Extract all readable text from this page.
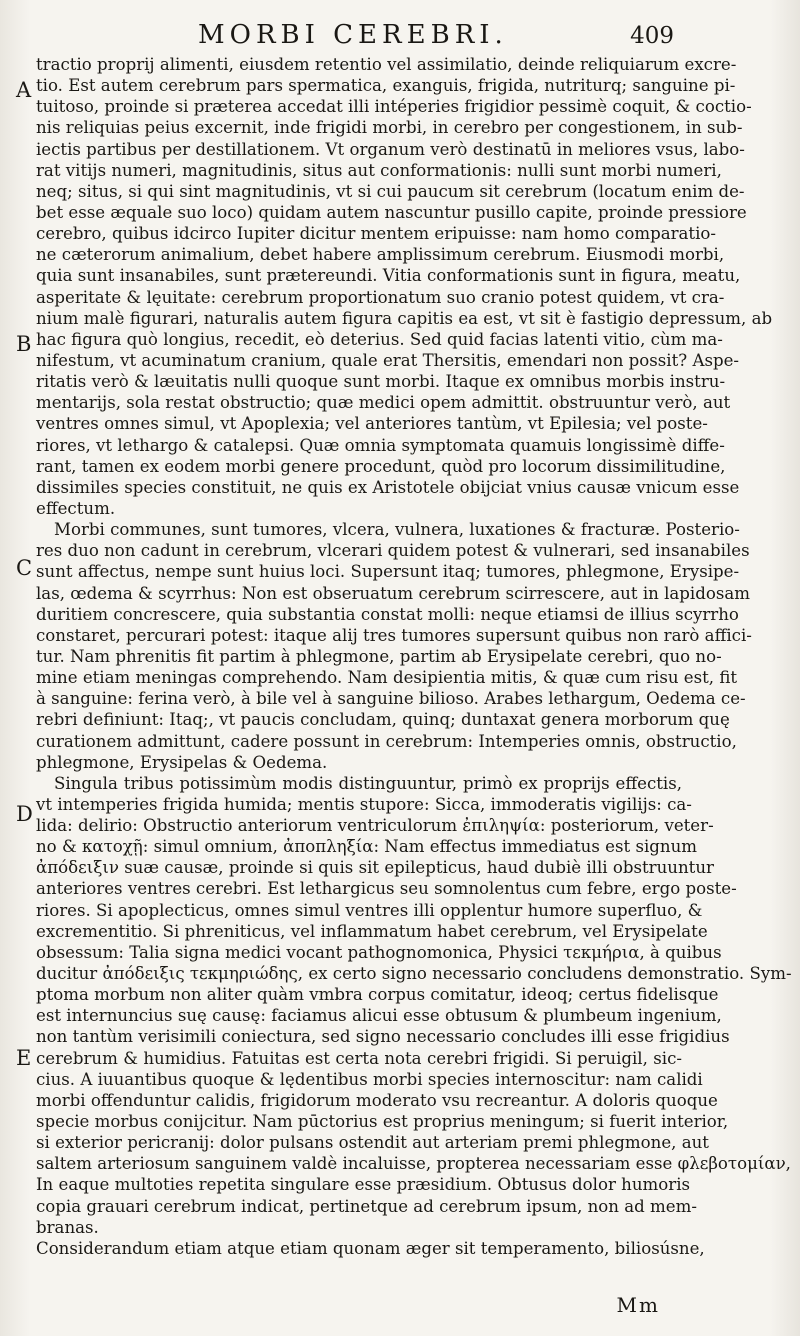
MORBI CEREBRI.	409
A
B
C
D
E
tractio proprij alimenti, eiusdem retentio vel assimilatio, deinde reliquiarum excre-
tio. Est autem cerebrum pars spermatica, exanguis, frigida, nutriturq; sanguine pi-
tuitoso, proinde si præterea accedat illi intéperies frigidior pessimè coquit, & coctio-
nis reliquias peius excernit, inde frigidi morbi, in cerebro per congestionem, in sub-
iectis partibus per destillationem. Vt organum verò destinatū in meliores vsus, labo-
rat vitijs numeri, magnitudinis, situs aut conformationis: nulli sunt morbi numeri,
neq; situs, si qui sint magnitudinis, vt si cui paucum sit cerebrum (locatum enim de-
bet esse æquale suo loco) quidam autem nascuntur pusillo capite, proinde pressiore
cerebro, quibus idcirco Iupiter dicitur mentem eripuisse: nam homo comparatio-
ne cæterorum animalium, debet habere amplissimum cerebrum. Eiusmodi morbi,
quia sunt insanabiles, sunt prætereundi. Vitia conformationis sunt in figura, meatu,
asperitate & lęuitate: cerebrum proportionatum suo cranio potest quidem, vt cra-
nium malè figurari, naturalis autem figura capitis ea est, vt sit è fastigio depressum, ab
hac figura quò longius, recedit, eò deterius. Sed quid facias latenti vitio, cùm ma-
nifestum, vt acuminatum cranium, quale erat Thersitis, emendari non possit? Aspe-
ritatis verò & læuitatis nulli quoque sunt morbi. Itaque ex omnibus morbis instru-
mentarijs, sola restat obstructio; quæ medici opem admittit. obstruuntur verò, aut
ventres omnes simul, vt Apoplexia; vel anteriores tantùm, vt Epilesia; vel poste-
riores, vt lethargo & catalepsi. Quæ omnia symptomata quamuis longissimè diffe-
rant, tamen ex eodem morbi genere procedunt, quòd pro locorum dissimilitudine,
dissimiles species constituit, ne quis ex Aristotele obijciat vnius causæ vnicum esse
effectum.
Morbi communes, sunt tumores, vlcera, vulnera, luxationes & fracturæ. Posterio-
res duo non cadunt in cerebrum, vlcerari quidem potest & vulnerari, sed insanabiles
sunt affectus, nempe sunt huius loci. Supersunt itaq; tumores, phlegmone, Erysipe-
las, œdema & scyrrhus: Non est obseruatum cerebrum scirrescere, aut in lapidosam
duritiem concrescere, quia substantia constat molli: neque etiamsi de illius scyrrho
constaret, percurari potest: itaque alij tres tumores supersunt quibus non rarò affici-
tur. Nam phrenitis fit partim à phlegmone, partim ab Erysipelate cerebri, quo no-
mine etiam meningas comprehendo. Nam desipientia mitis, & quæ cum risu est, fit
à sanguine: ferina verò, à bile vel à sanguine bilioso. Arabes lethargum, Oedema ce-
rebri definiunt: Itaq;, vt paucis concludam, quinq; duntaxat genera morborum quę
curationem admittunt, cadere possunt in cerebrum: Intemperies omnis, obstructio,
phlegmone, Erysipelas & Oedema.
Singula tribus potissimùm modis distinguuntur, primò ex proprijs effectis,
vt intemperies frigida humida; mentis stupore: Sicca, immoderatis vigilijs: ca-
lida: delirio: Obstructio anteriorum ventriculorum ἐπιληψία: posteriorum, veter-
no & κατοχῇ: simul omnium, ἀποπληξία: Nam effectus immediatus est signum
ἀπόδειξιν suæ causæ, proinde si quis sit epilepticus, haud dubiè illi obstruuntur
anteriores ventres cerebri. Est lethargicus seu somnolentus cum febre, ergo poste-
riores. Si apoplecticus, omnes simul ventres illi opplentur humore superfluo, &
excrementitio. Si phreniticus, vel inflammatum habet cerebrum, vel Erysipelate
obsessum: Talia signa medici vocant pathognomonica, Physici τεκμήρια, à quibus
ducitur ἀπόδειξις τεκμηριώδης, ex certo signo necessario concludens demonstratio. Sym-
ptoma morbum non aliter quàm vmbra corpus comitatur, ideoq; certus fidelisque
est internuncius suę causę: faciamus alicui esse obtusum & plumbeum ingenium,
non tantùm verisimili coniectura, sed signo necessario concludes illi esse frigidius
cerebrum & humidius. Fatuitas est certa nota cerebri frigidi. Si peruigil, sic-
cius. A iuuantibus quoque & lędentibus morbi species internoscitur: nam calidi
morbi offenduntur calidis, frigidorum moderato vsu recreantur. A doloris quoque
specie morbus conijcitur. Nam pūctorius est proprius meningum; si fuerit interior,
si exterior pericranij: dolor pulsans ostendit aut arteriam premi phlegmone, aut
saltem arteriosum sanguinem valdè incaluisse, propterea necessariam esse φλεβοτομίαν,
In eaque multoties repetita singulare esse præsidium. Obtusus dolor humoris
copia grauari cerebrum indicat, pertinetque ad cerebrum ipsum, non ad mem-
branas.
Considerandum etiam atque etiam quonam æger sit temperamento, biliosúsne,
Mm
